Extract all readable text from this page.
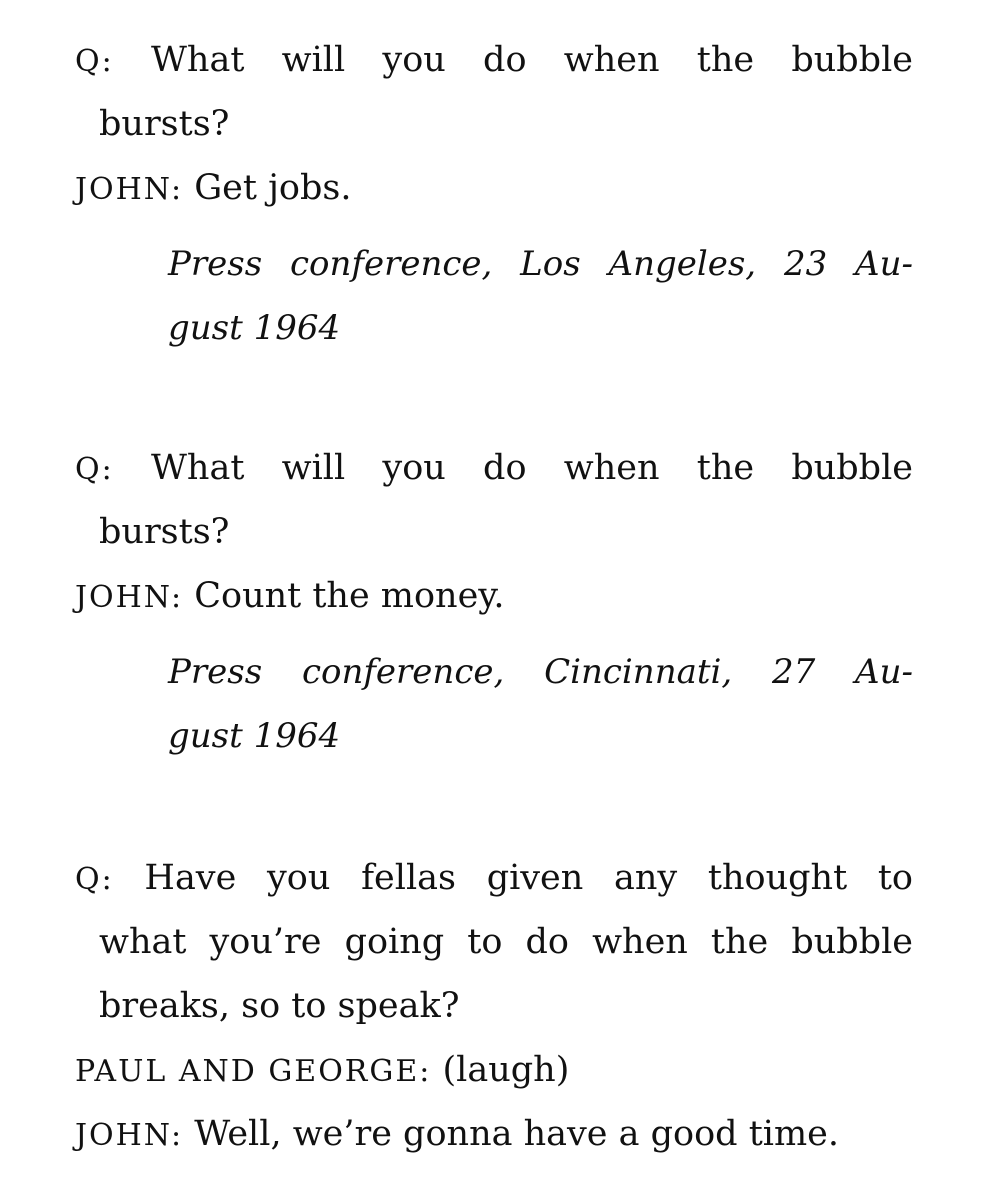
Q: What will you do when the bubble
bursts?
JOHN: Get jobs.
Press conference, Los Angeles, 23 Au-
gust 1964
Q: What will you do when the bubble
bursts?
JOHN: Count the money.
Press conference, Cincinnati, 27 Au-
gust 1964
Q: Have you fellas given any thought to
what you’re going to do when the bubble
breaks, so to speak?
PAUL AND GEORGE: (laugh)
JOHN: Well, we’re gonna have a good time.
